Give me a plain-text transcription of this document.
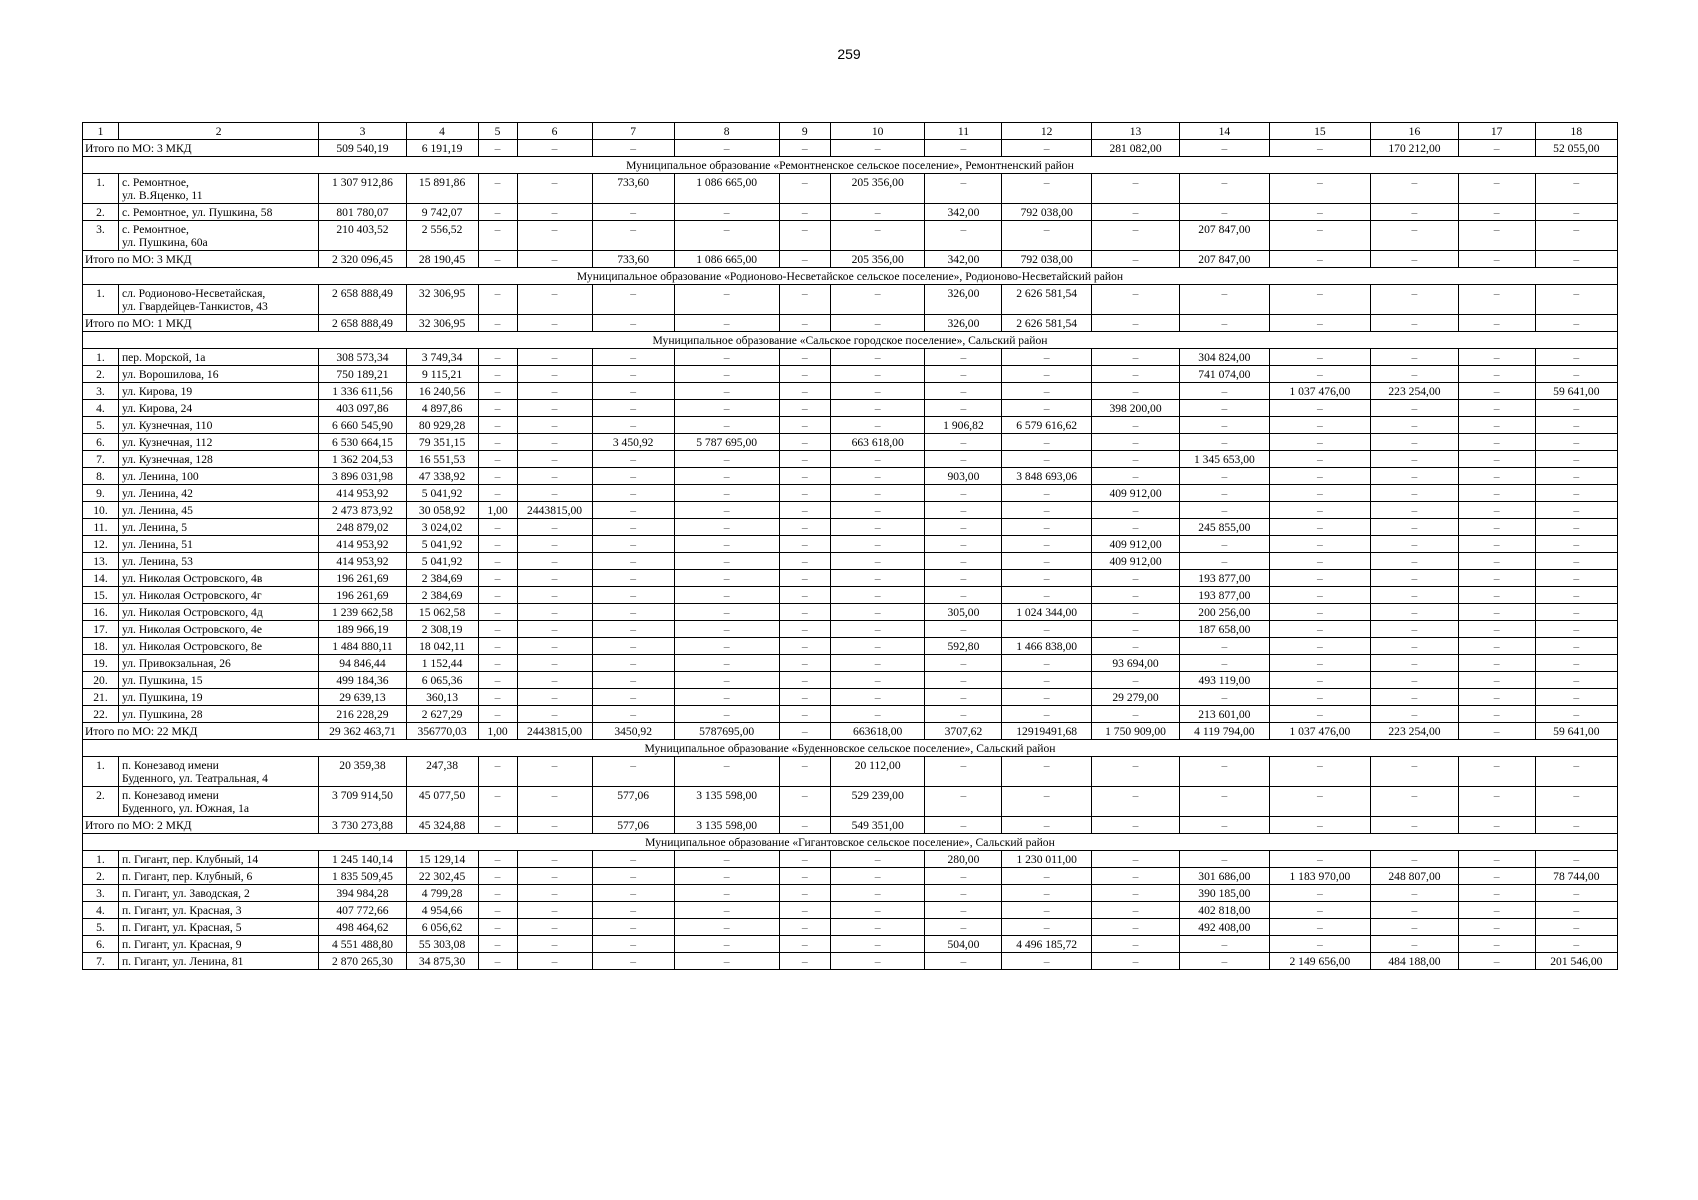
259
1	2	3	4	5	6	7	8	9	10	11	12	13	14	15	16	17	18
Итого по МО: 3 МКД		509 540,19	6 191,19	–	–	–	–	–	–	–	–	281 082,00	–	–	170 212,00	–	52 055,00
Муниципальное образование «Ремонтненское сельское поселение», Ремонтненский район																	
1.	с. Ремонтное,
ул. В.Яценко, 11	1 307 912,86	15 891,86	–	–	733,60	1 086 665,00	–	205 356,00	–	–	–	–	–	–	–	–
2.	с. Ремонтное, ул. Пушкина, 58	801 780,07	9 742,07	–	–	–	–	–	–	342,00	792 038,00	–	–	–	–	–	–
3.	с. Ремонтное,
ул. Пушкина, 60а	210 403,52	2 556,52	–	–	–	–	–	–	–	–	–	207 847,00	–	–	–	–
Итого по МО: 3 МКД		2 320 096,45	28 190,45	–	–	733,60	1 086 665,00	–	205 356,00	342,00	792 038,00	–	207 847,00	–	–	–	–
Муниципальное образование «Родионово-Несветайское сельское поселение», Родионово-Несветайский район																	
1.	сл. Родионово-Несветайская,
ул. Гвардейцев-Танкистов, 43	2 658 888,49	32 306,95	–	–	–	–	–	–	326,00	2 626 581,54	–	–	–	–	–	–
Итого по МО: 1 МКД		2 658 888,49	32 306,95	–	–	–	–	–	–	326,00	2 626 581,54	–	–	–	–	–	–
Муниципальное образование «Сальское городское поселение», Сальский район																	
1.	пер. Морской, 1а	308 573,34	3 749,34	–	–	–	–	–	–	–	–	–	304 824,00	–	–	–	–
2.	ул. Ворошилова, 16	750 189,21	9 115,21	–	–	–	–	–	–	–	–	–	741 074,00	–	–	–	–
3.	ул. Кирова, 19	1 336 611,56	16 240,56	–	–	–	–	–	–	–	–	–	–	1 037 476,00	223 254,00	–	59 641,00
4.	ул. Кирова, 24	403 097,86	4 897,86	–	–	–	–	–	–	–	–	398 200,00	–	–	–	–	–
5.	ул. Кузнечная, 110	6 660 545,90	80 929,28	–	–	–	–	–	–	1 906,82	6 579 616,62	–	–	–	–	–	–
6.	ул. Кузнечная, 112	6 530 664,15	79 351,15	–	–	3 450,92	5 787 695,00	–	663 618,00	–	–	–	–	–	–	–	–
7.	ул. Кузнечная, 128	1 362 204,53	16 551,53	–	–	–	–	–	–	–	–	–	1 345 653,00	–	–	–	–
8.	ул. Ленина, 100	3 896 031,98	47 338,92	–	–	–	–	–	–	903,00	3 848 693,06	–	–	–	–	–	–
9.	ул. Ленина, 42	414 953,92	5 041,92	–	–	–	–	–	–	–	–	409 912,00	–	–	–	–	–
10.	ул. Ленина, 45	2 473 873,92	30 058,92	1,00	2443815,00	–	–	–	–	–	–	–	–	–	–	–	–
11.	ул. Ленина, 5	248 879,02	3 024,02	–	–	–	–	–	–	–	–	–	245 855,00	–	–	–	–
12.	ул. Ленина, 51	414 953,92	5 041,92	–	–	–	–	–	–	–	–	409 912,00	–	–	–	–	–
13.	ул. Ленина, 53	414 953,92	5 041,92	–	–	–	–	–	–	–	–	409 912,00	–	–	–	–	–
14.	ул. Николая Островского, 4в	196 261,69	2 384,69	–	–	–	–	–	–	–	–	–	193 877,00	–	–	–	–
15.	ул. Николая Островского, 4г	196 261,69	2 384,69	–	–	–	–	–	–	–	–	–	193 877,00	–	–	–	–
16.	ул. Николая Островского, 4д	1 239 662,58	15 062,58	–	–	–	–	–	–	305,00	1 024 344,00	–	200 256,00	–	–	–	–
17.	ул. Николая Островского, 4е	189 966,19	2 308,19	–	–	–	–	–	–	–	–	–	187 658,00	–	–	–	–
18.	ул. Николая Островского, 8е	1 484 880,11	18 042,11	–	–	–	–	–	–	592,80	1 466 838,00	–	–	–	–	–	–
19.	ул. Привокзальная, 26	94 846,44	1 152,44	–	–	–	–	–	–	–	–	93 694,00	–	–	–	–	–
20.	ул. Пушкина, 15	499 184,36	6 065,36	–	–	–	–	–	–	–	–	–	493 119,00	–	–	–	–
21.	ул. Пушкина, 19	29 639,13	360,13	–	–	–	–	–	–	–	–	29 279,00	–	–	–	–	–
22.	ул. Пушкина, 28	216 228,29	2 627,29	–	–	–	–	–	–	–	–	–	213 601,00	–	–	–	–
Итого по МО: 22 МКД		29 362 463,71	356770,03	1,00	2443815,00	3450,92	5787695,00	–	663618,00	3707,62	12919491,68	1 750 909,00	4 119 794,00	1 037 476,00	223 254,00	–	59 641,00
Муниципальное образование «Буденновское сельское поселение», Сальский район																	
1.	п. Конезавод имени
Буденного, ул. Театральная, 4	20 359,38	247,38	–	–	–	–	–	20 112,00	–	–	–	–	–	–	–	–
2.	п. Конезавод имени
Буденного, ул. Южная, 1а	3 709 914,50	45 077,50	–	–	577,06	3 135 598,00	–	529 239,00	–	–	–	–	–	–	–	–
Итого по МО: 2 МКД		3 730 273,88	45 324,88	–	–	577,06	3 135 598,00	–	549 351,00	–	–	–	–	–	–	–	–
Муниципальное образование «Гигантовское сельское поселение», Сальский район																	
1.	п. Гигант, пер. Клубный, 14	1 245 140,14	15 129,14	–	–	–	–	–	–	280,00	1 230 011,00	–	–	–	–	–	–
2.	п. Гигант, пер. Клубный, 6	1 835 509,45	22 302,45	–	–	–	–	–	–	–	–	–	301 686,00	1 183 970,00	248 807,00	–	78 744,00
3.	п. Гигант, ул. Заводская, 2	394 984,28	4 799,28	–	–	–	–	–	–	–	–	–	390 185,00	–	–	–	–
4.	п. Гигант, ул. Красная, 3	407 772,66	4 954,66	–	–	–	–	–	–	–	–	–	402 818,00	–	–	–	–
5.	п. Гигант, ул. Красная, 5	498 464,62	6 056,62	–	–	–	–	–	–	–	–	–	492 408,00	–	–	–	–
6.	п. Гигант, ул. Красная, 9	4 551 488,80	55 303,08	–	–	–	–	–	–	504,00	4 496 185,72	–	–	–	–	–	–
7.	п. Гигант, ул. Ленина, 81	2 870 265,30	34 875,30	–	–	–	–	–	–	–	–	–	–	2 149 656,00	484 188,00	–	201 546,00
